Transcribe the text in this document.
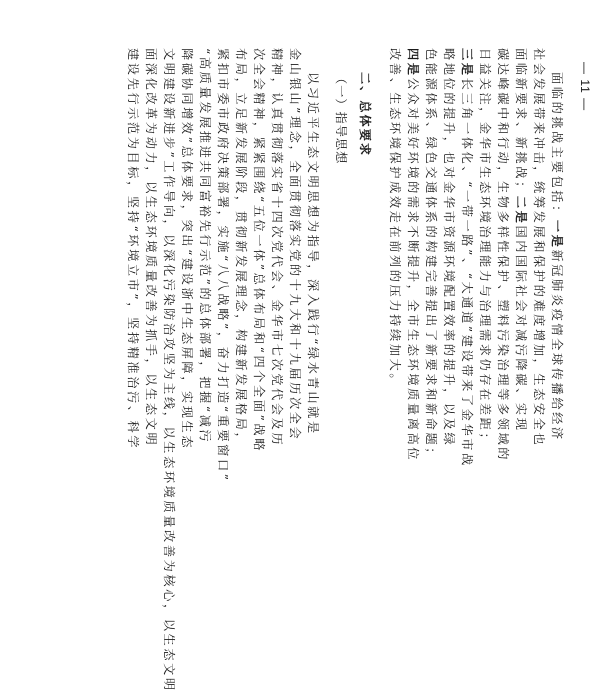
— 11 —
面临的挑战主要包括：一是新冠肺炎疫情全球传播给经济
社会发展带来冲击，统筹发展和保护的难度增加，生态安全也
面临新要求、新挑战；二是国内国际社会对减污降碳、实现
碳达峰碳中和行动，生物多样性保护、塑料污染治理等多领域的
日益关注，金华市生态环境治理能力与治理需求仍存在差距；
三是长三角一体化、“一带一路”、“大通道”建设带来了金华市战
略地位的提升，也对金华市资源环境配置效率的提升，以及绿
色能源体系、绿色交通体系的构建完善提出了新要求和新命题；
四是公众对美好环境的需求不断提升，全市生态环境质量离高位
改善、生态环境保护成效走在前列的压力持续加大。
二、总体要求
（一）指导思想
以习近平生态文明思想为指导，深入践行“绿水青山就是
金山银山”理念，全面贯彻落实党的十九大和十九届历次全会
精神，认真贯彻落实省十四次党代会、金华市七次党代会及历
次全会精神，紧紧围绕“五位一体”总体布局和“四个全面”战略
布局，立足新发展阶段，贯彻新发展理念，构建新发展格局，
紧扣市委市政府决策部署，实施“八八战略”，奋力打造“重要窗口”
“高质量发展推进共同富裕先行示范”的总体部署，把握“减污
降碳协同增效”总体要求，突出“建设浙中生态屏障，实现生态
文明建设新进步”工作导向，以深化污染防治攻坚为主线，以生态环境质量改善为核心，以生态文明
面深化改革为动力，以生态环境质量改善为抓手，以生态文明
建设先行示范为目标，坚持“环境立市”，坚持精准治污、科学
